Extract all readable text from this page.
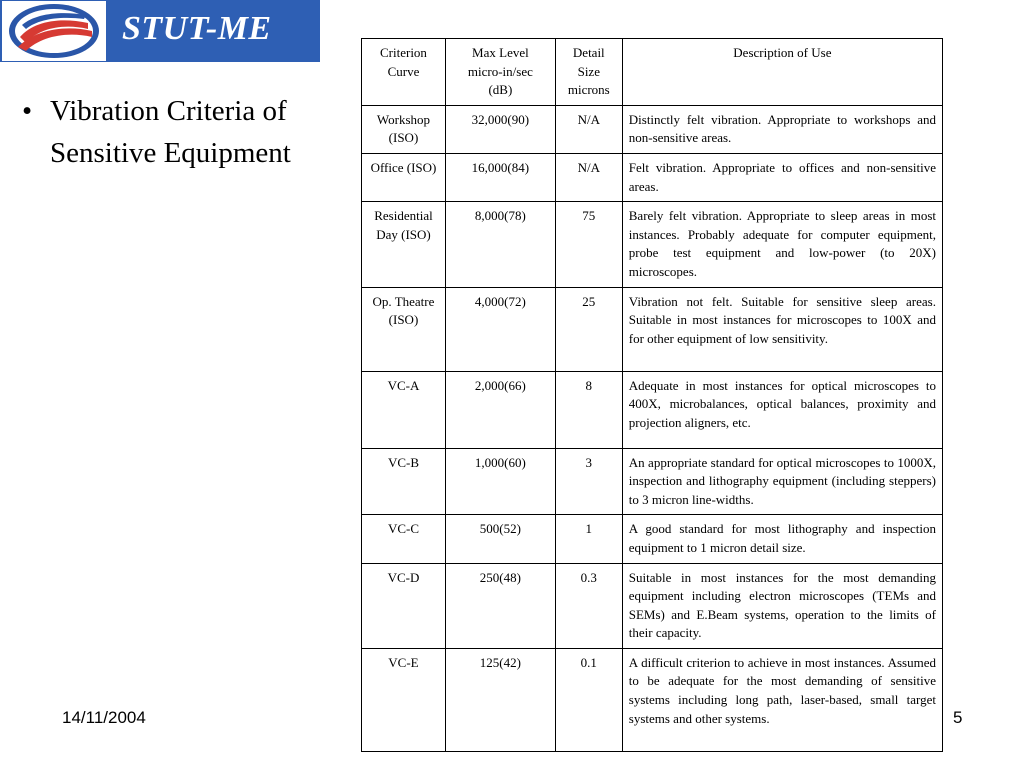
STUT-ME
• Vibration Criteria of Sensitive Equipment
Criterion
Curve	Max Level
micro-in/sec
(dB)	Detail
Size
microns	Description of Use
Workshop (ISO)	32,000(90)	N/A	Distinctly felt vibration. Appropriate to workshops and non-sensitive areas.
Office (ISO)	16,000(84)	N/A	Felt vibration. Appropriate to offices and non-sensitive areas.
Residential Day (ISO)	8,000(78)	75	Barely felt vibration. Appropriate to sleep areas in most instances. Probably adequate for computer equipment, probe test equipment and low-power (to 20X) microscopes.
Op. Theatre (ISO)	4,000(72)	25	Vibration not felt. Suitable for sensitive sleep areas. Suitable in most instances for microscopes to 100X and for other equipment of low sensitivity.
VC-A	2,000(66)	8	Adequate in most instances for optical microscopes to 400X, microbalances, optical balances, proximity and projection aligners, etc.
VC-B	1,000(60)	3	An appropriate standard for optical microscopes to 1000X, inspection and lithography equipment (including steppers) to 3 micron line-widths.
VC-C	500(52)	1	A good standard for most lithography and inspection equipment to 1 micron detail size.
VC-D	250(48)	0.3	Suitable in most instances for the most demanding equipment including electron microscopes (TEMs and SEMs) and E.Beam systems, operation to the limits of their capacity.
VC-E	125(42)	0.1	A difficult criterion to achieve in most instances. Assumed to be adequate for the most demanding of sensitive systems including long path, laser-based, small target systems and other systems.
14/11/2004	5
